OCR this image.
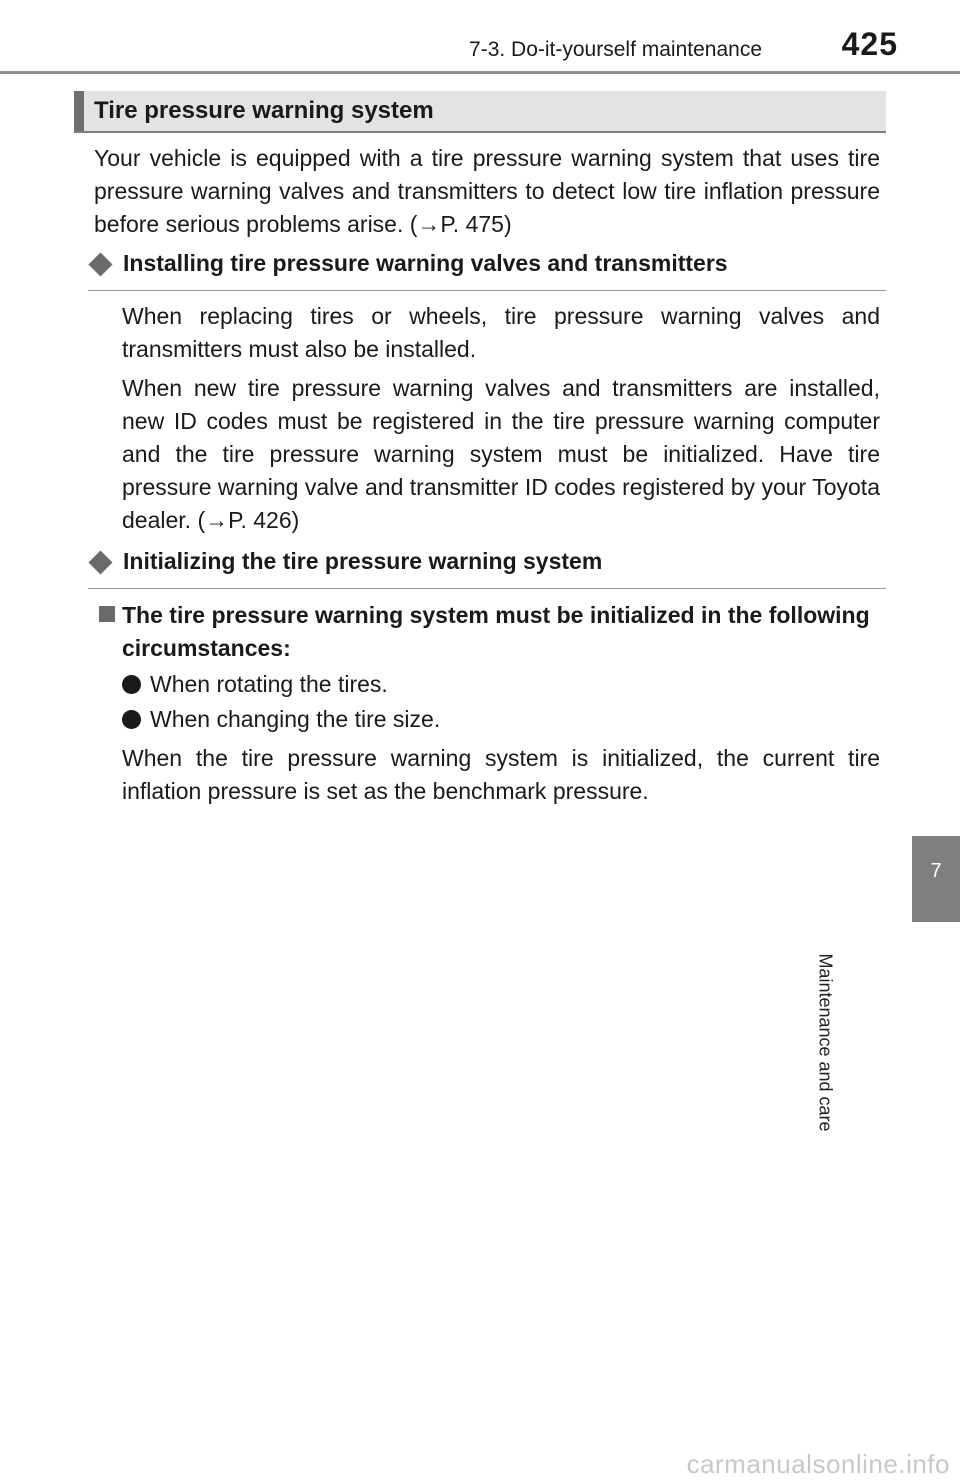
7-3. Do-it-yourself maintenance 425
7
Maintenance and care
Tire pressure warning system
Your vehicle is equipped with a tire pressure warning system that uses tire pressure warning valves and transmitters to detect low tire inflation pressure before serious problems arise. (→P. 475)
Installing tire pressure warning valves and transmitters
When replacing tires or wheels, tire pressure warning valves and transmitters must also be installed.
When new tire pressure warning valves and transmitters are installed, new ID codes must be registered in the tire pressure warning computer and the tire pressure warning system must be initialized. Have tire pressure warning valve and transmitter ID codes registered by your Toyota dealer. (→P. 426)
Initializing the tire pressure warning system
The tire pressure warning system must be initialized in the following circumstances:
When rotating the tires.
When changing the tire size.
When the tire pressure warning system is initialized, the current tire inflation pressure is set as the benchmark pressure.
carmanualsonline.info
